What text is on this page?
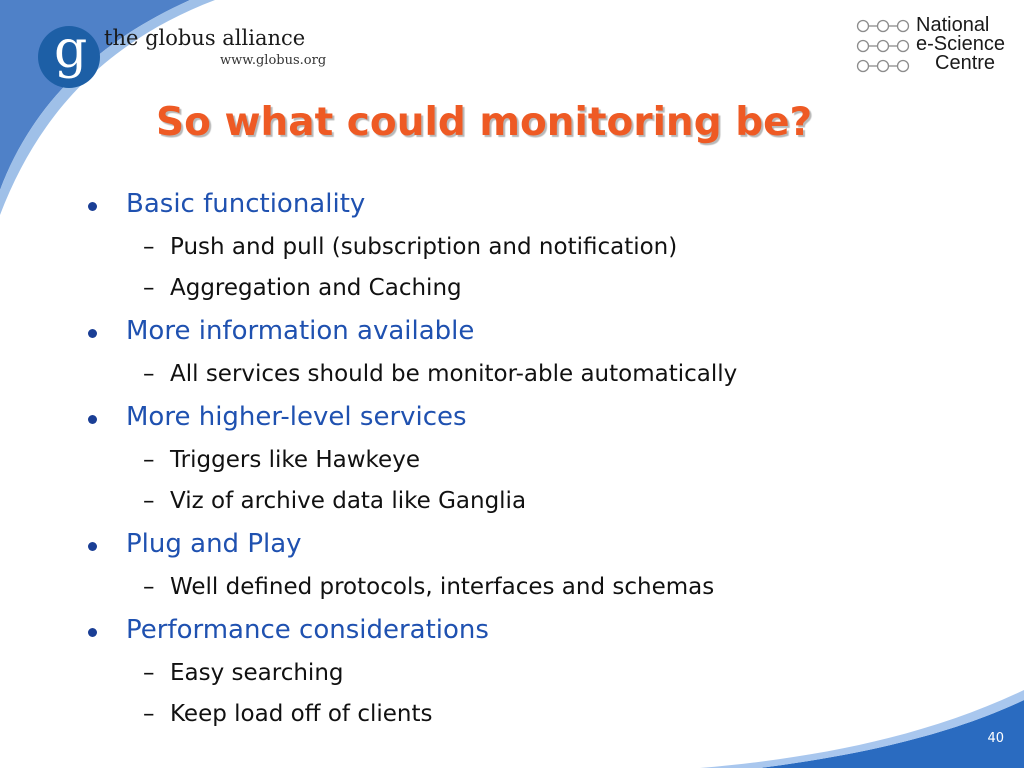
g the globus alliance
www.globus.org
National
e-Science
Centre
So what could monitoring be?
Basic functionality
– Push and pull (subscription and notification)
– Aggregation and Caching
More information available
– All services should be monitor-able automatically
More higher-level services
– Triggers like Hawkeye
– Viz of archive data like Ganglia
Plug and Play
– Well defined protocols, interfaces and schemas
Performance considerations
– Easy searching
– Keep load off of clients
40
